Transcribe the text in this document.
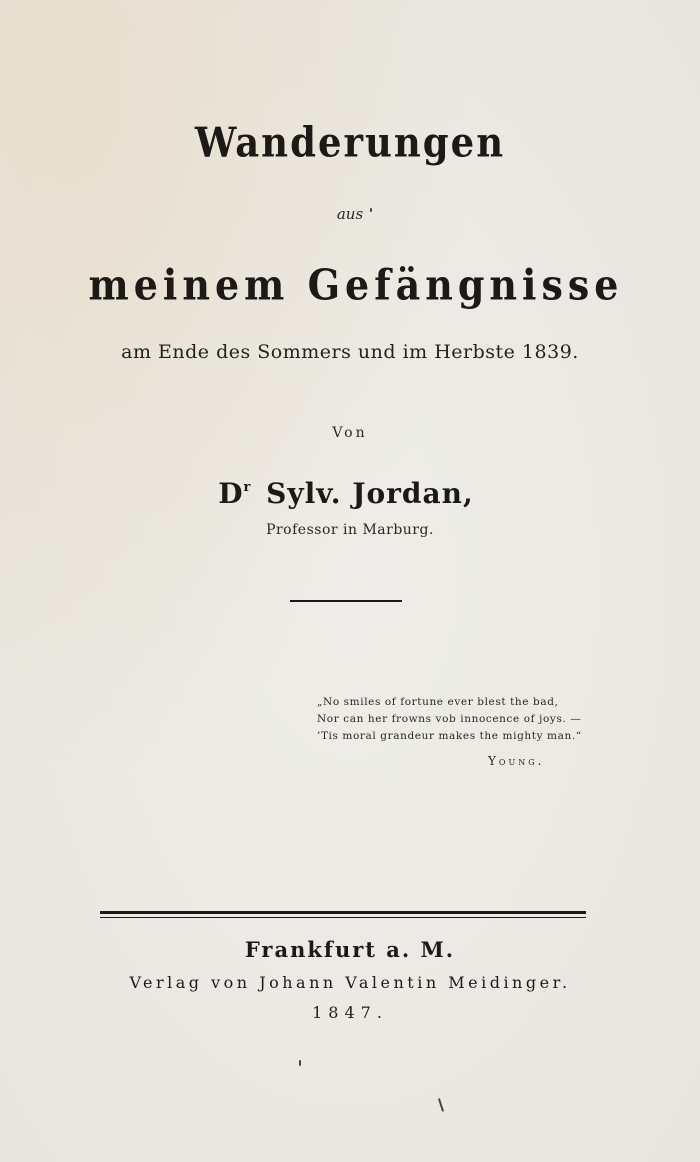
Wanderungen
aus
meinem Gefängnisse
am Ende des Sommers und im Herbste 1839.
Von
$D^r$ Sylv. Jordan,
Professor in Marburg.
„No smiles of fortune ever blest the bad,
Nor can her frowns vob innocence of joys. —
’Tis moral grandeur makes the mighty man.“
Young.
Frankfurt a. M.
Verlag von Johann Valentin Meidinger.
1847.
